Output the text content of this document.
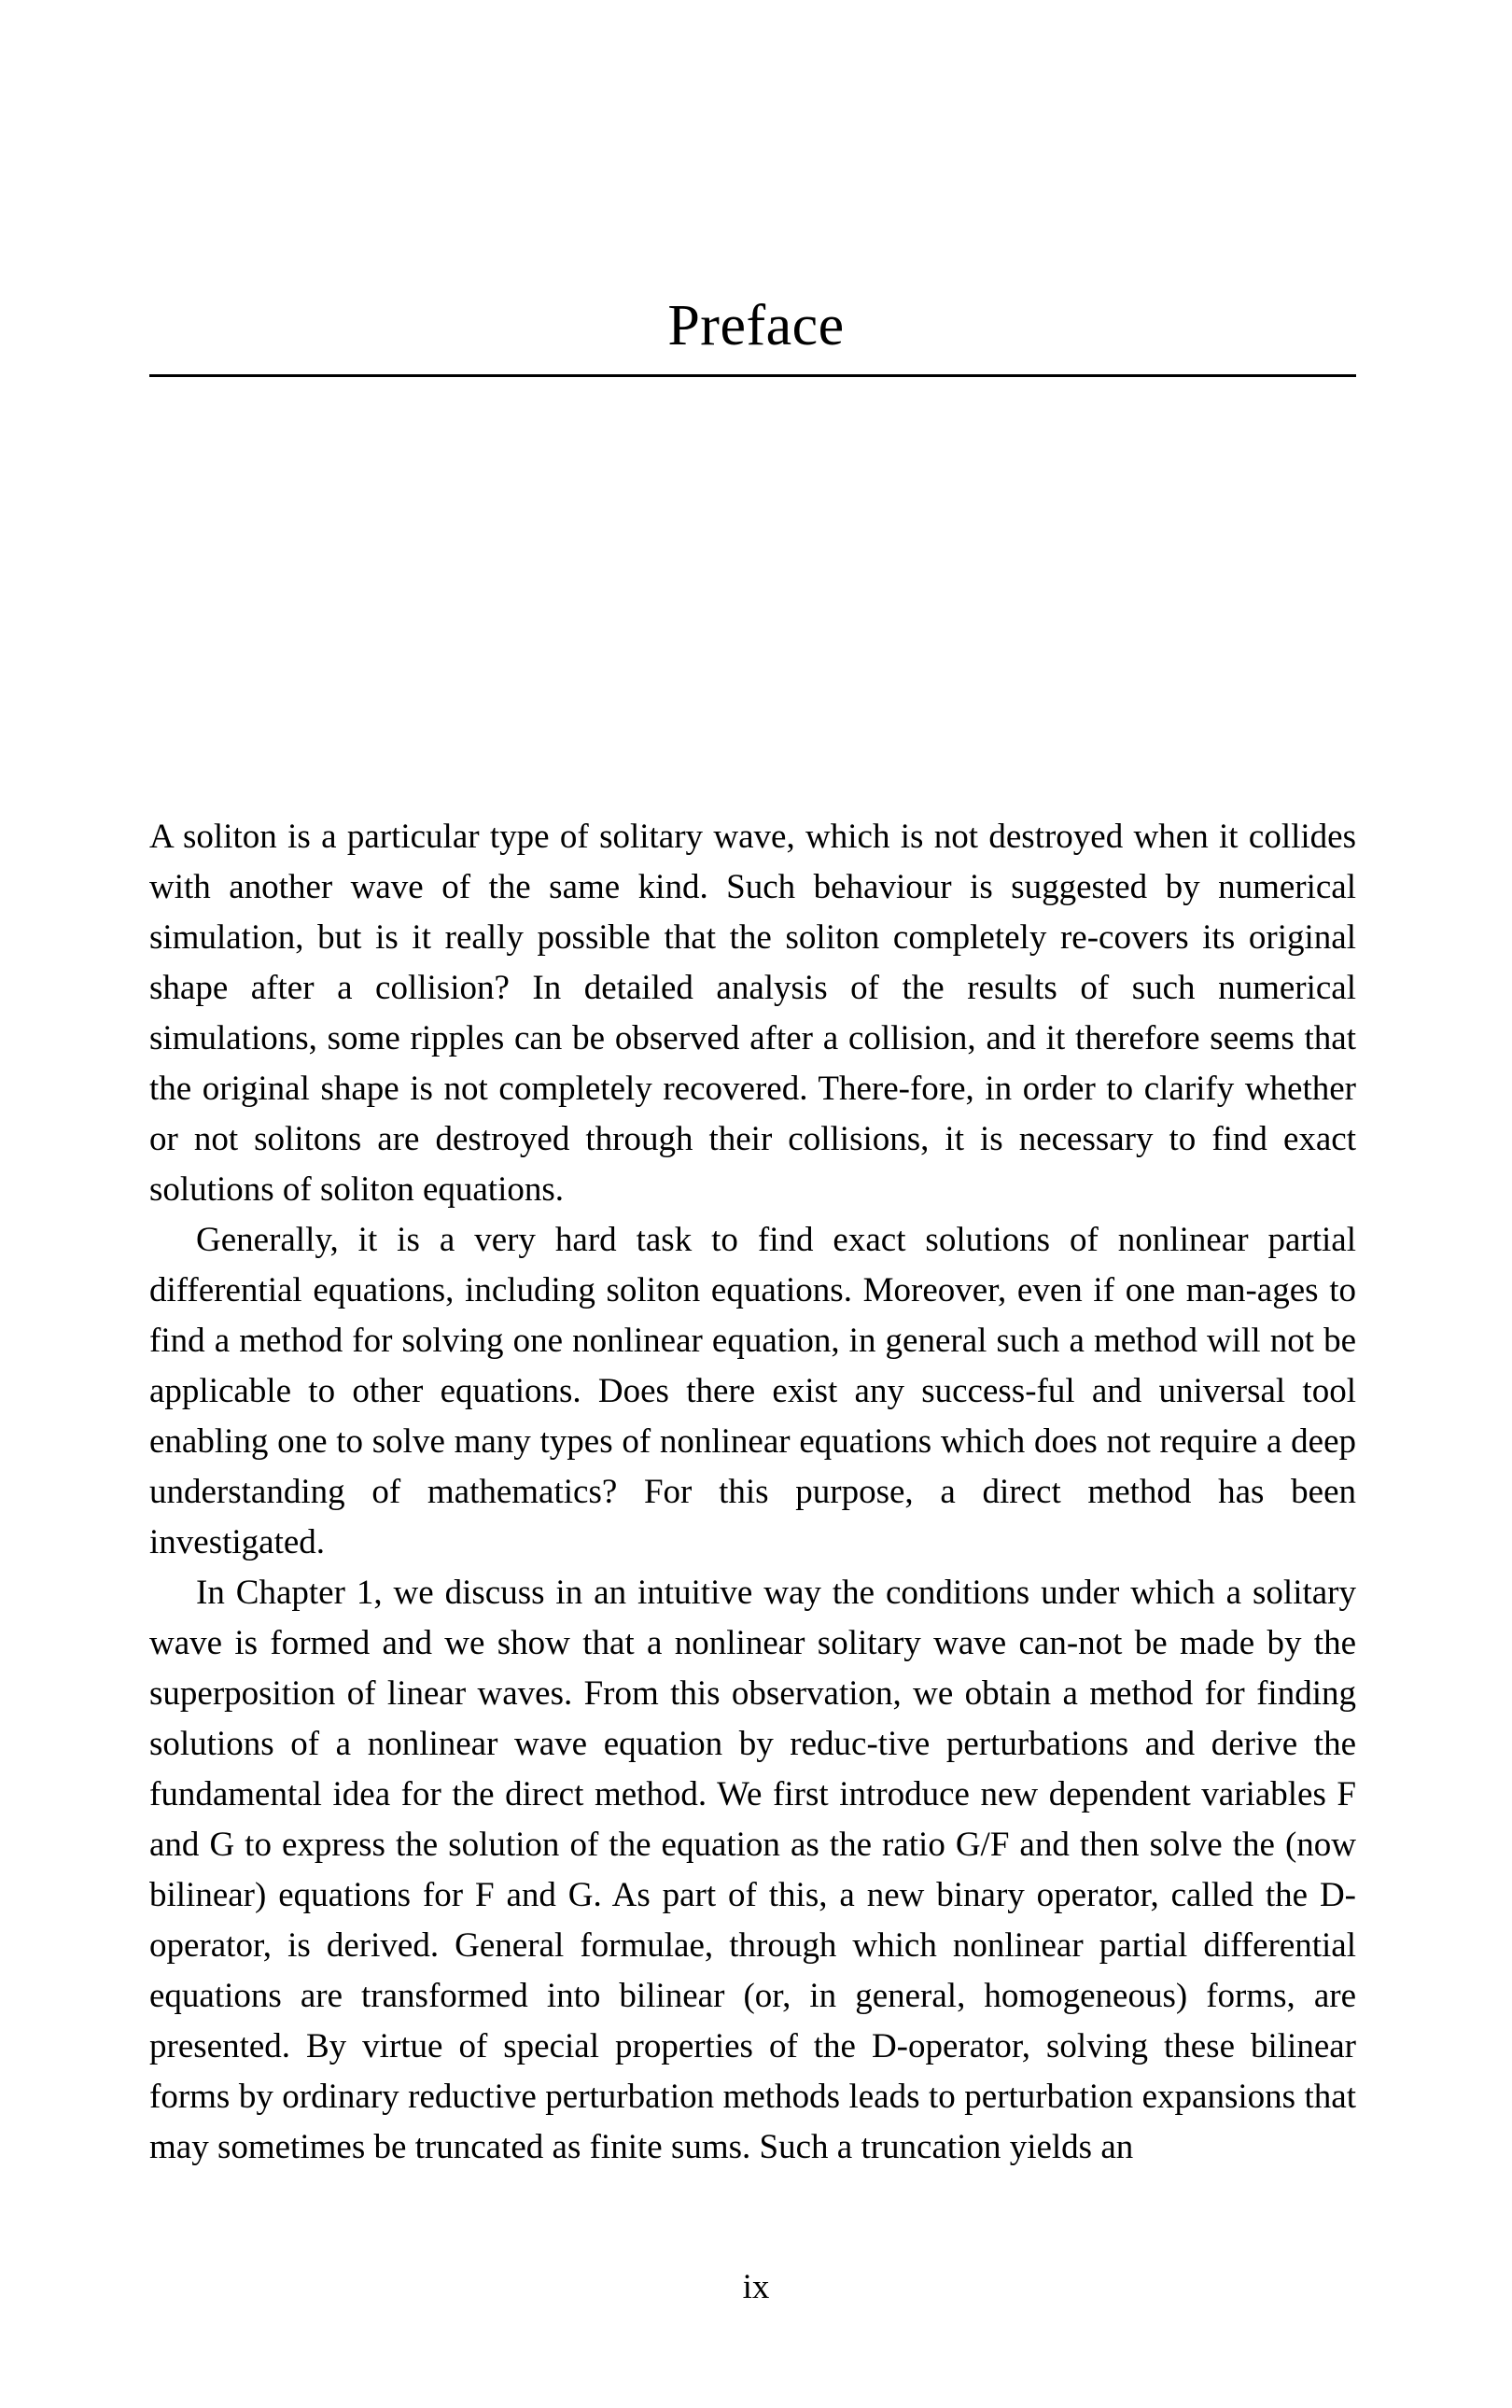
Preface

A soliton is a particular type of solitary wave, which is not destroyed when it collides with another wave of the same kind. Such behaviour is suggested by numerical simulation, but is it really possible that the soliton completely re-covers its original shape after a collision? In detailed analysis of the results of such numerical simulations, some ripples can be observed after a collision, and it therefore seems that the original shape is not completely recovered. There-fore, in order to clarify whether or not solitons are destroyed through their collisions, it is necessary to find exact solutions of soliton equations.

Generally, it is a very hard task to find exact solutions of nonlinear partial differential equations, including soliton equations. Moreover, even if one man-ages to find a method for solving one nonlinear equation, in general such a method will not be applicable to other equations. Does there exist any success-ful and universal tool enabling one to solve many types of nonlinear equations which does not require a deep understanding of mathematics? For this purpose, a direct method has been investigated.

In Chapter 1, we discuss in an intuitive way the conditions under which a solitary wave is formed and we show that a nonlinear solitary wave can-not be made by the superposition of linear waves. From this observation, we obtain a method for finding solutions of a nonlinear wave equation by reduc-tive perturbations and derive the fundamental idea for the direct method. We first introduce new dependent variables F and G to express the solution of the equation as the ratio G/F and then solve the (now bilinear) equations for F and G. As part of this, a new binary operator, called the D-operator, is derived. General formulae, through which nonlinear partial differential equations are transformed into bilinear (or, in general, homogeneous) forms, are presented. By virtue of special properties of the D-operator, solving these bilinear forms by ordinary reductive perturbation methods leads to perturbation expansions that may sometimes be truncated as finite sums. Such a truncation yields an

ix
